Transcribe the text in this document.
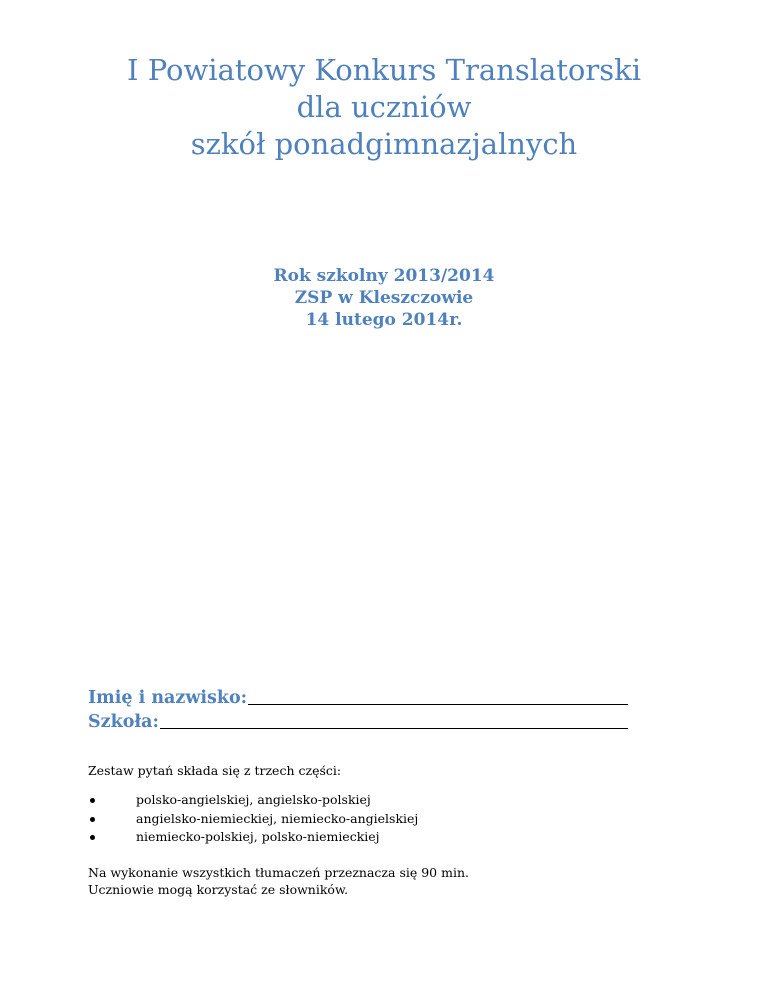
I Powiatowy Konkurs Translatorski
dla uczniów
szkół ponadgimnazjalnych
Rok szkolny 2013/2014
ZSP w Kleszczowie
14 lutego 2014r.
Imię i nazwisko:
Szkoła:
Zestaw pytań składa się z trzech części:
polsko-angielskiej, angielsko-polskiej
angielsko-niemieckiej, niemiecko-angielskiej
niemiecko-polskiej, polsko-niemieckiej
Na wykonanie wszystkich tłumaczeń przeznacza się 90 min.
Uczniowie mogą korzystać ze słowników.
